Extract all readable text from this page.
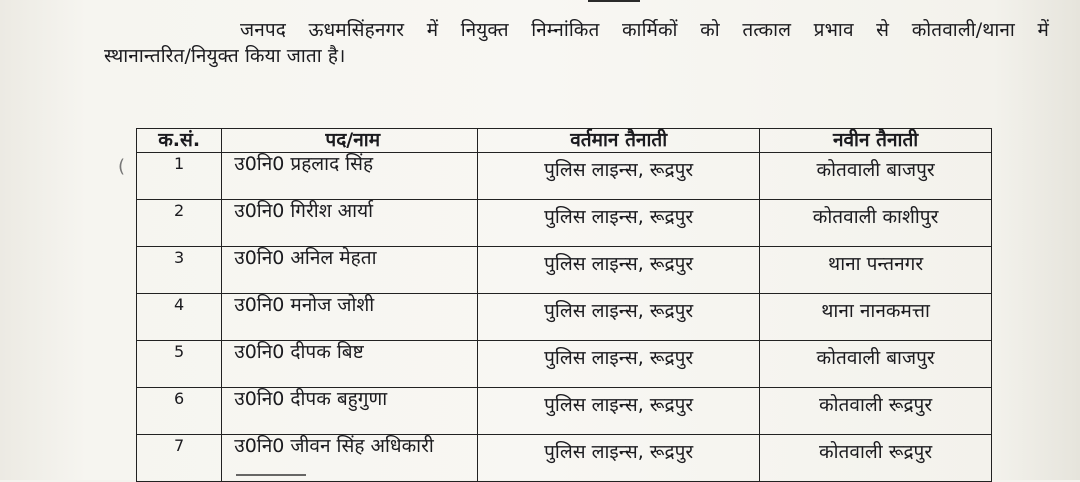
जनपद ऊधमसिंहनगर में नियुक्त निम्नांकित कार्मिकों को तत्काल प्रभाव से कोतवाली/थाना में
स्थानान्तरित/नियुक्त किया जाता है।
(
क.सं.	पद/नाम	वर्तमान तैनाती	नवीन तैनाती
1	उ0नि0 प्रहलाद सिंह	पुलिस लाइन्स, रूद्रपुर	कोतवाली बाजपुर
2	उ0नि0 गिरीश आर्या	पुलिस लाइन्स, रूद्रपुर	कोतवाली काशीपुर
3	उ0नि0 अनिल मेहता	पुलिस लाइन्स, रूद्रपुर	थाना पन्तनगर
4	उ0नि0 मनोज जोशी	पुलिस लाइन्स, रूद्रपुर	थाना नानकमत्ता
5	उ0नि0 दीपक बिष्ट	पुलिस लाइन्स, रूद्रपुर	कोतवाली बाजपुर
6	उ0नि0 दीपक बहुगुणा	पुलिस लाइन्स, रूद्रपुर	कोतवाली रूद्रपुर
7	उ0नि0 जीवन सिंह अधिकारी	पुलिस लाइन्स, रूद्रपुर	कोतवाली रूद्रपुर
